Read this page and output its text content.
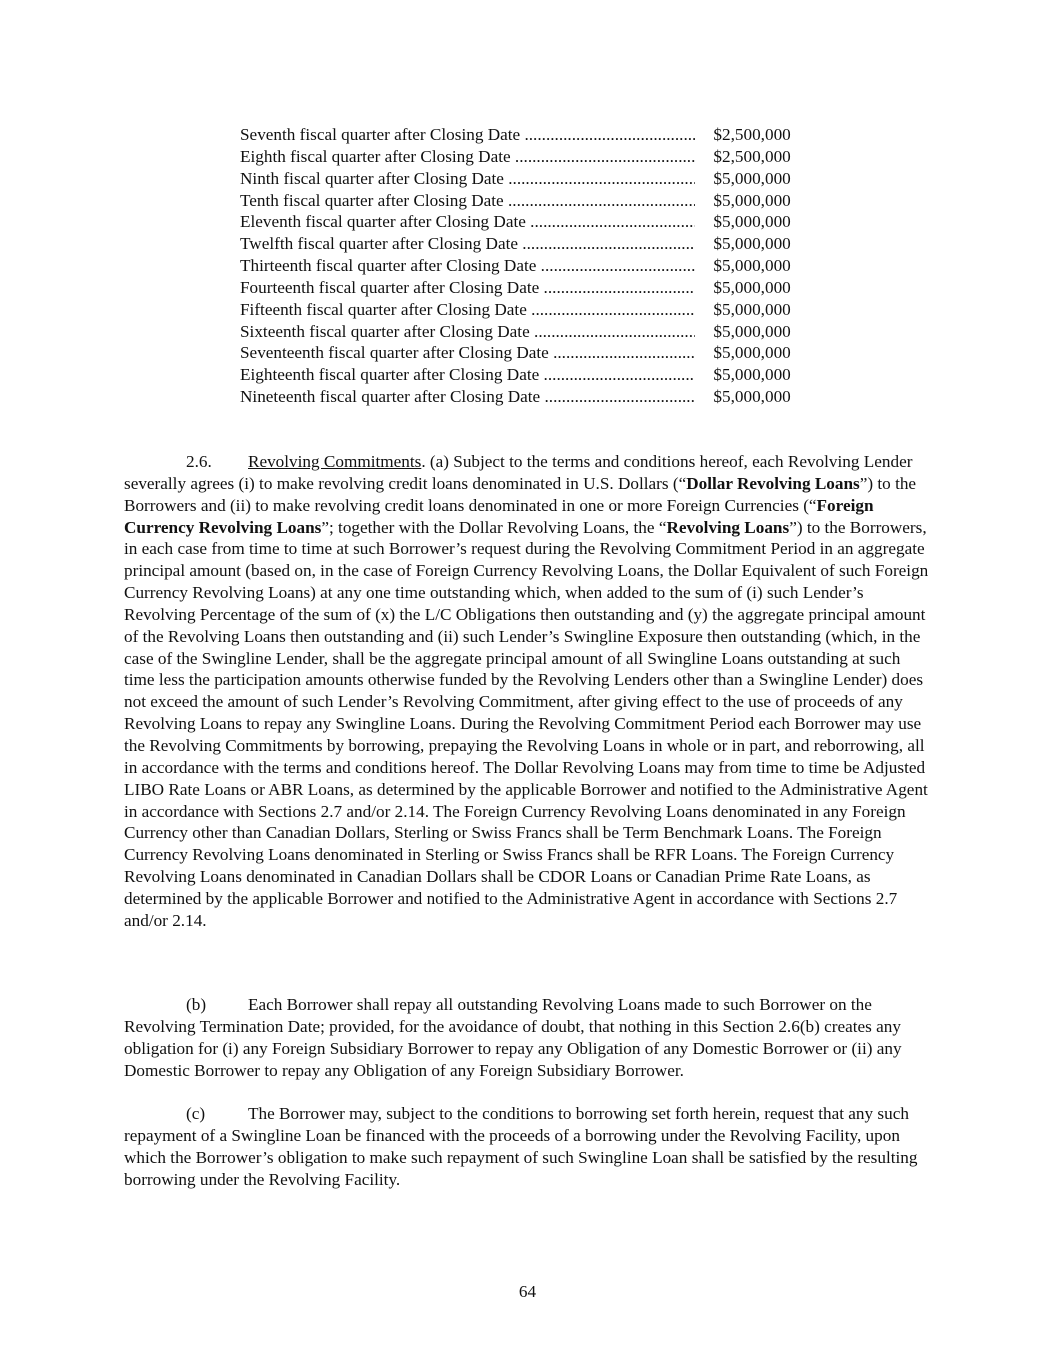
Seventh fiscal quarter after Closing Date .....	$2,500,000
Eighth fiscal quarter after Closing Date .....	$2,500,000
Ninth fiscal quarter after Closing Date .....	$5,000,000
Tenth fiscal quarter after Closing Date .....	$5,000,000
Eleventh fiscal quarter after Closing Date .....	$5,000,000
Twelfth fiscal quarter after Closing Date .....	$5,000,000
Thirteenth fiscal quarter after Closing Date .....	$5,000,000
Fourteenth fiscal quarter after Closing Date .....	$5,000,000
Fifteenth fiscal quarter after Closing Date .....	$5,000,000
Sixteenth fiscal quarter after Closing Date .....	$5,000,000
Seventeenth fiscal quarter after Closing Date .....	$5,000,000
Eighteenth fiscal quarter after Closing Date .....	$5,000,000
Nineteenth fiscal quarter after Closing Date .....	$5,000,000

2.6. Revolving Commitments. (a) Subject to the terms and conditions hereof, each Revolving Lender severally agrees (i) to make revolving credit loans denominated in U.S. Dollars (“Dollar Revolving Loans”) to the Borrowers and (ii) to make revolving credit loans denominated in one or more Foreign Currencies (“Foreign Currency Revolving Loans”; together with the Dollar Revolving Loans, the “Revolving Loans”) to the Borrowers, in each case from time to time at such Borrower’s request during the Revolving Commitment Period in an aggregate principal amount (based on, in the case of Foreign Currency Revolving Loans, the Dollar Equivalent of such Foreign Currency Revolving Loans) at any one time outstanding which, when added to the sum of (i) such Lender’s Revolving Percentage of the sum of (x) the L/C Obligations then outstanding and (y) the aggregate principal amount of the Revolving Loans then outstanding and (ii) such Lender’s Swingline Exposure then outstanding (which, in the case of the Swingline Lender, shall be the aggregate principal amount of all Swingline Loans outstanding at such time less the participation amounts otherwise funded by the Revolving Lenders other than a Swingline Lender) does not exceed the amount of such Lender’s Revolving Commitment, after giving effect to the use of proceeds of any Revolving Loans to repay any Swingline Loans. During the Revolving Commitment Period each Borrower may use the Revolving Commitments by borrowing, prepaying the Revolving Loans in whole or in part, and reborrowing, all in accordance with the terms and conditions hereof. The Dollar Revolving Loans may from time to time be Adjusted LIBO Rate Loans or ABR Loans, as determined by the applicable Borrower and notified to the Administrative Agent in accordance with Sections 2.7 and/or 2.14. The Foreign Currency Revolving Loans denominated in any Foreign Currency other than Canadian Dollars, Sterling or Swiss Francs shall be Term Benchmark Loans. The Foreign Currency Revolving Loans denominated in Sterling or Swiss Francs shall be RFR Loans. The Foreign Currency Revolving Loans denominated in Canadian Dollars shall be CDOR Loans or Canadian Prime Rate Loans, as determined by the applicable Borrower and notified to the Administrative Agent in accordance with Sections 2.7 and/or 2.14.

(b) Each Borrower shall repay all outstanding Revolving Loans made to such Borrower on the Revolving Termination Date; provided, for the avoidance of doubt, that nothing in this Section 2.6(b) creates any obligation for (i) any Foreign Subsidiary Borrower to repay any Obligation of any Domestic Borrower or (ii) any Domestic Borrower to repay any Obligation of any Foreign Subsidiary Borrower.

(c) The Borrower may, subject to the conditions to borrowing set forth herein, request that any such repayment of a Swingline Loan be financed with the proceeds of a borrowing under the Revolving Facility, upon which the Borrower’s obligation to make such repayment of such Swingline Loan shall be satisfied by the resulting borrowing under the Revolving Facility.

64
